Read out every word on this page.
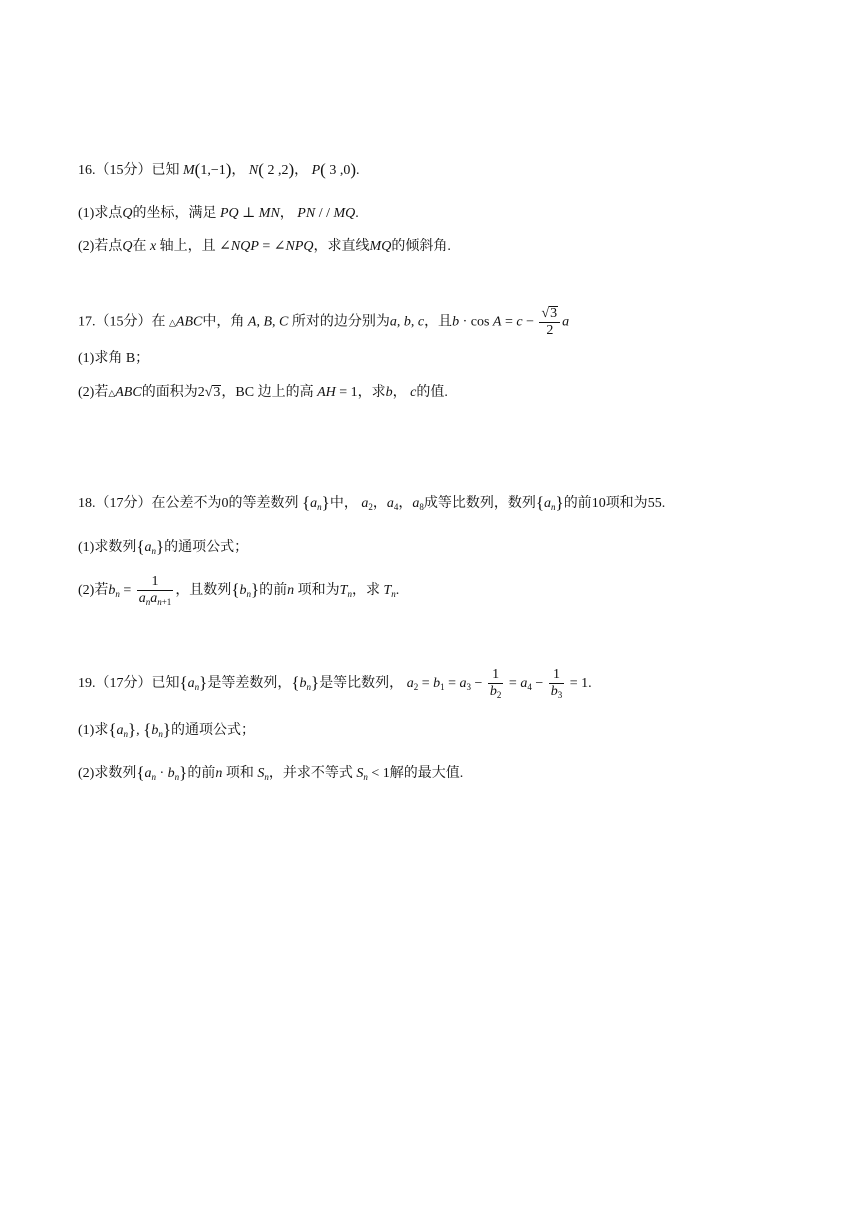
16.（15分）已知 M(1,−1)， N( 2 ,2)， P( 3 ,0).
(1)求点Q的坐标，满足 PQ ⊥ MN， PN / / MQ.
(2)若点Q在 x 轴上，且 ∠NQP = ∠NPQ，求直线MQ的倾斜角.
17.（15分）在 △ABC中，角 A, B, C 所对的边分别为a, b, c，且$b \cdot \cos A = c - \frac{√3}{2}$ a
(1)求角 B；
(2)若△ABC的面积为2√3，BC 边上的高 AH = 1，求b， c的值.
18.（17分）在公差不为0的等差数列 $\{a_n\}$中， $a_2$，$a_4$，$a_8$成等比数列，数列$\{a_n\}$的前10项和为55.
(1)求数列$\{a_n\}$的通项公式；
(2)若$b_n = \frac{1}{a_na_{n+1}}$ ，且数列$\{b_n\}$的前n 项和为$T_n$，求 $T_n$.
19.（17分）已知$\{a_n\}$是等差数列，$\{b_n\}$是等比数列， $a_2 = b_1 = a_3 - \frac{1}{b_2} = a_4 - \frac{1}{b_3} = 1$.
(1)求$\{a_n\}$, $\{b_n\}$的通项公式；
(2)求数列$\{a_n \cdot b_n\}$的前n 项和 $S_n$，并求不等式 $S_n < 1$解的最大值.
